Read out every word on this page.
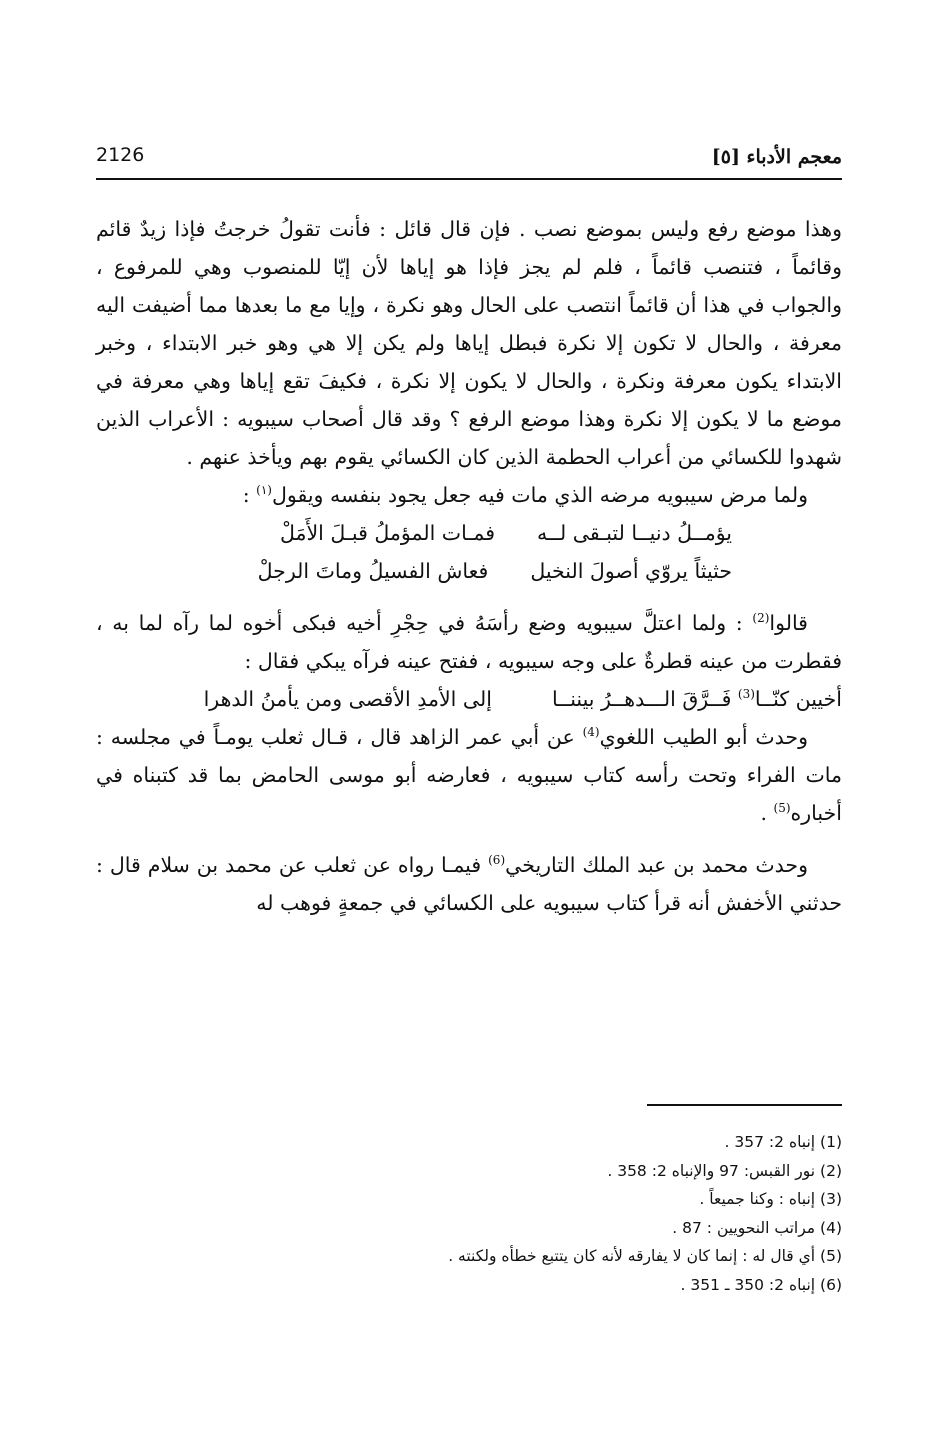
معجم الأدباء [٥]
2126

وهذا موضع رفع وليس بموضع نصب . فإن قال قائل : فأنت تقولُ خرجتُ فإذا زيدٌ قائم وقائماً ، فتنصب قائماً ، فلم لم يجز فإذا هو إياها لأن إيّا للمنصوب وهي للمرفوع ، والجواب في هذا أن قائماً انتصب على الحال وهو نكرة ، وإيا مع ما بعدها مما أضيفت اليه معرفة ، والحال لا تكون إلا نكرة فبطل إياها ولم يكن إلا هي وهو خبر الابتداء ، وخبر الابتداء يكون معرفة ونكرة ، والحال لا يكون إلا نكرة ، فكيفَ تقع إياها وهي معرفة في موضع ما لا يكون إلا نكرة وهذا موضع الرفع ؟ وقد قال أصحاب سيبويه : الأعراب الذين شهدوا للكسائي من أعراب الحطمة الذين كان الكسائي يقوم بهم ويأخذ عنهم .

ولما مرض سيبويه مرضه الذي مات فيه جعل يجود بنفسه ويقول$^{(١)}$ :

يؤمــلُ دنيــا لتبـقى لــه
فمـات المؤملُ قبـلَ الأَمَلْ
حثيثاً يروّي أصولَ النخيل
فعاش الفسيلُ وماتَ الرجلْ

قالوا$^{(2)}$ : ولما اعتلَّ سيبويه وضع رأسَهُ في حِجْرِ أخيه فبكى أخوه لما رآه لما به ، فقطرت من عينه قطرةٌ على وجه سيبويه ، ففتح عينه فرآه يبكي فقال :

أخيين كنّــا$^{(3)}$ فَــرَّقَ الـــدهــرُ بيننــا
إلى الأمدِ الأقصى ومن يأمنُ الدهرا

وحدث أبو الطيب اللغوي$^{(4)}$ عن أبي عمر الزاهد قال ، قـال ثعلب يومـاً في مجلسه : مات الفراء وتحت رأسه كتاب سيبويه ، فعارضه أبو موسى الحامض بما قد كتبناه في أخباره$^{(5)}$ .

وحدث محمد بن عبد الملك التاريخي$^{(6)}$ فيمـا رواه عن ثعلب عن محمد بن سلام قال : حدثني الأخفش أنه قرأ كتاب سيبويه على الكسائي في جمعةٍ فوهب له

(1) إنباه 2: 357 .
(2) نور القبس: 97 والإنباه 2: 358 .
(3) إنباه : وكنا جميعاً .
(4) مراتب النحويين : 87 .
(5) أي قال له : إنما كان لا يفارقه لأنه كان يتتبع خطأه ولكنته .
(6) إنباه 2: 350 ـ 351 .
